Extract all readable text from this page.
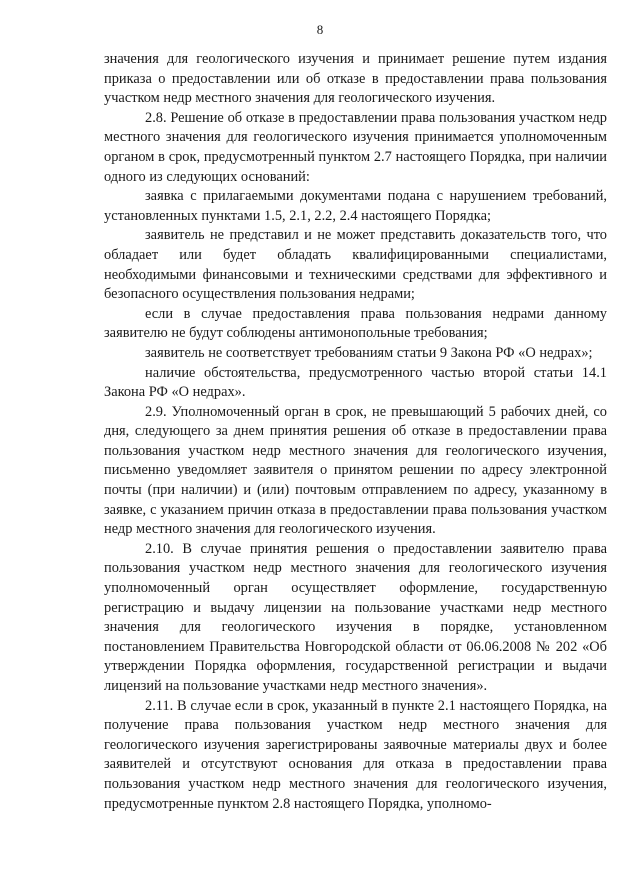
8

значения для геологического изучения и принимает решение путем издания приказа о предоставлении или об отказе в предоставлении права пользования участком недр местного значения для геологического изучения.

2.8. Решение об отказе в предоставлении права пользования участком недр местного значения для геологического изучения принимается уполномоченным органом в срок, предусмотренный пунктом 2.7 настоящего Порядка, при наличии одного из следующих оснований:

заявка с прилагаемыми документами подана с нарушением требований, установленных пунктами 1.5, 2.1, 2.2, 2.4 настоящего Порядка;

заявитель не представил и не может представить доказательств того, что обладает или будет обладать квалифицированными специалистами, необходимыми финансовыми и техническими средствами для эффективного и безопасного осуществления пользования недрами;

если в случае предоставления права пользования недрами данному заявителю не будут соблюдены антимонопольные требования;

заявитель не соответствует требованиям статьи 9 Закона РФ «О недрах»;

наличие обстоятельства, предусмотренного частью второй статьи 14.1 Закона РФ «О недрах».

2.9. Уполномоченный орган в срок, не превышающий 5 рабочих дней, со дня, следующего за днем принятия решения об отказе в предоставлении права пользования участком недр местного значения для геологического изучения, письменно уведомляет заявителя о принятом решении по адресу электронной почты (при наличии) и (или) почтовым отправлением по адресу, указанному в заявке, с указанием причин отказа в предоставлении права пользования участком недр местного значения для геологического изучения.

2.10. В случае принятия решения о предоставлении заявителю права пользования участком недр местного значения для геологического изучения уполномоченный орган осуществляет оформление, государственную регистрацию и выдачу лицензии на пользование участками недр местного значения для геологического изучения в порядке, установленном постановлением Правительства Новгородской области от 06.06.2008 № 202 «Об утверждении Порядка оформления, государственной регистрации и выдачи лицензий на пользование участками недр местного значения».

2.11. В случае если в срок, указанный в пункте 2.1 настоящего Порядка, на получение права пользования участком недр местного значения для геологического изучения зарегистрированы заявочные материалы двух и более заявителей и отсутствуют основания для отказа в предоставлении права пользования участком недр местного значения для геологического изучения, предусмотренные пунктом 2.8 настоящего Порядка, уполномо-
